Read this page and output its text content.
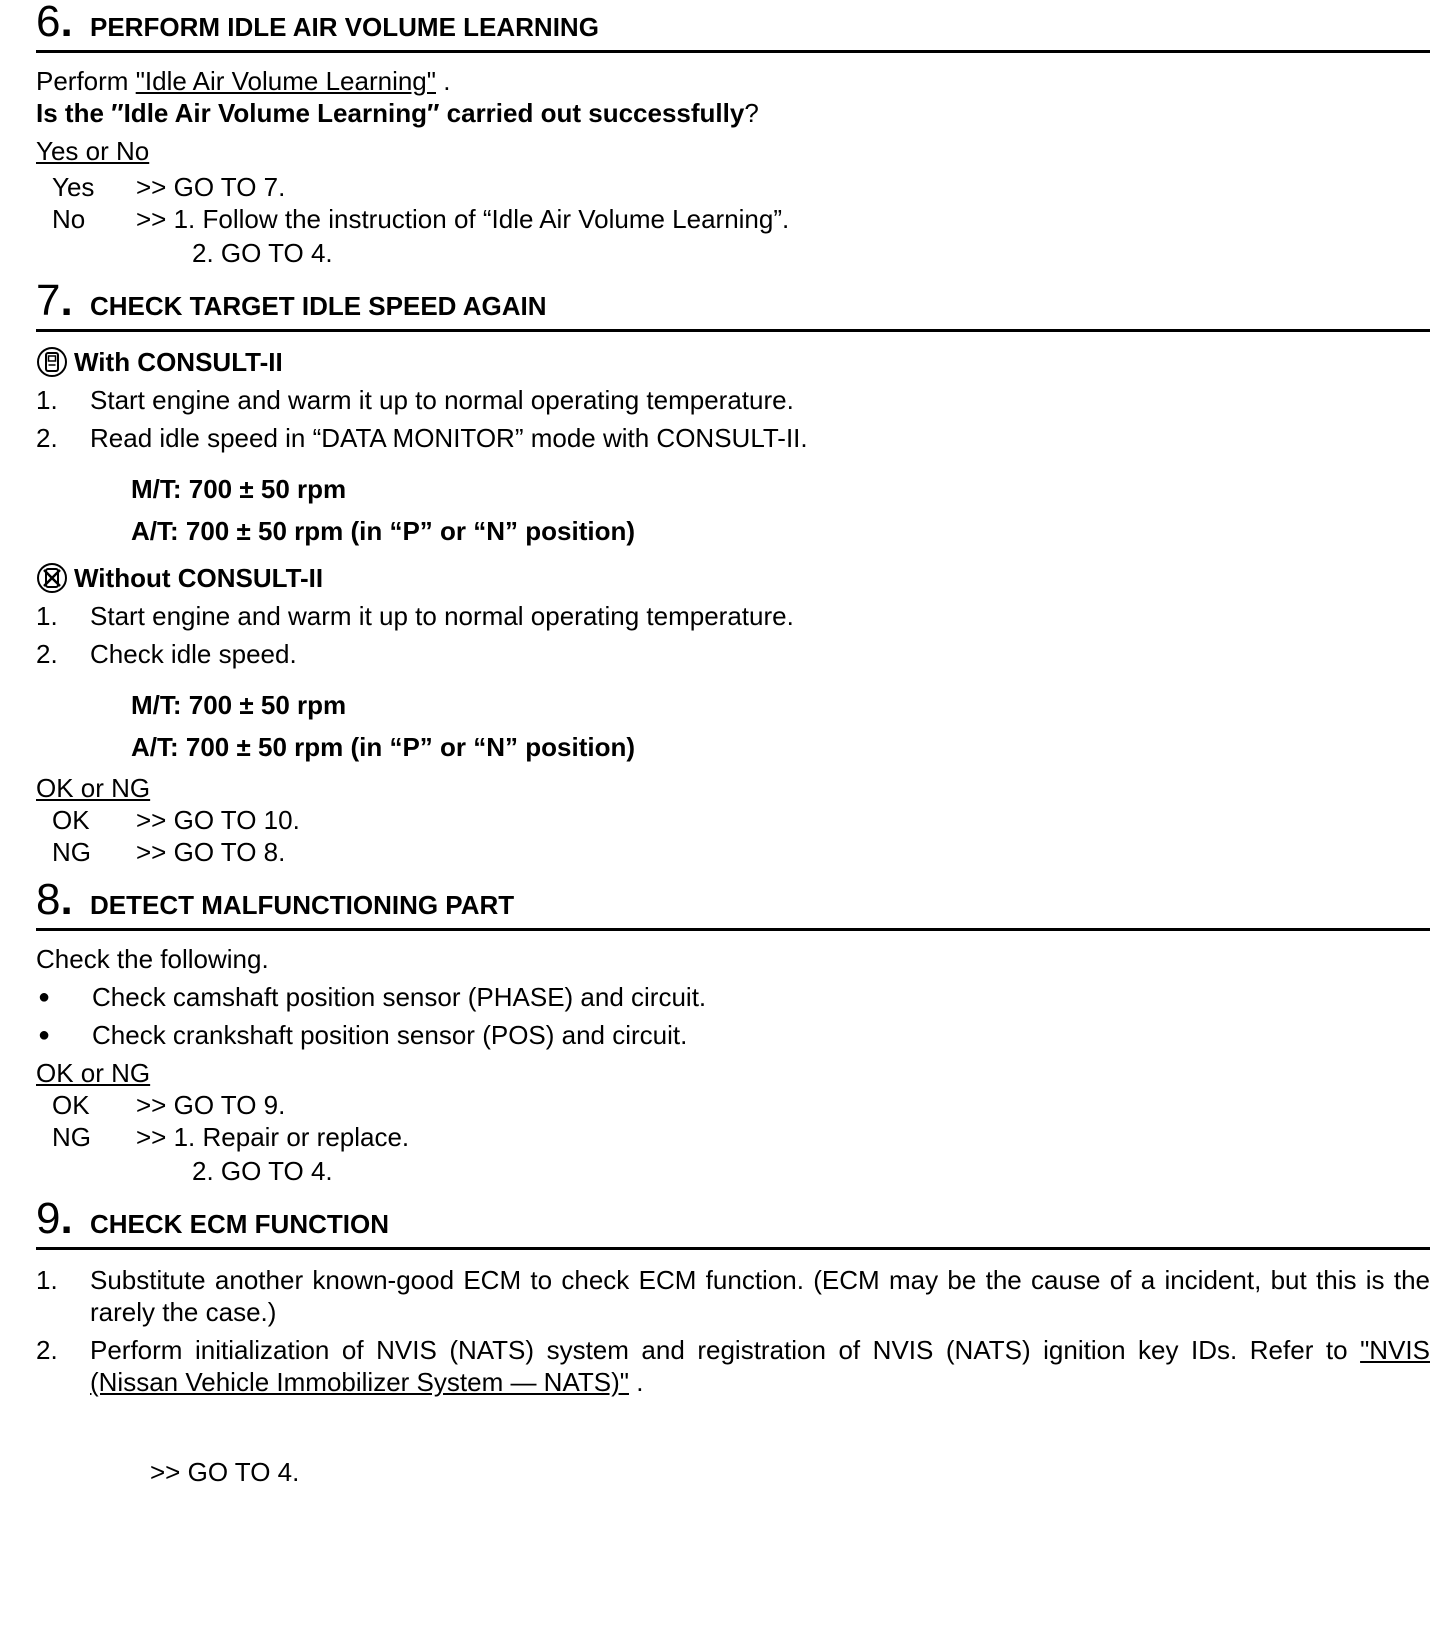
6. PERFORM IDLE AIR VOLUME LEARNING

Perform "Idle Air Volume Learning" .

Is the ″Idle Air Volume Learning″ carried out successfully?

Yes or No

Yes	>> GO TO 7.
No	>> 1. Follow the instruction of “Idle Air Volume Learning”.
2. GO TO 4.
7. CHECK TARGET IDLE SPEED AGAIN
With CONSULT-II
1.	Start engine and warm it up to normal operating temperature.
2.	Read idle speed in “DATA MONITOR” mode with CONSULT-II.
M/T: 700 ± 50 rpm
A/T: 700 ± 50 rpm (in “P” or “N” position)
Without CONSULT-II
1.	Start engine and warm it up to normal operating temperature.
2.	Check idle speed.
M/T: 700 ± 50 rpm
A/T: 700 ± 50 rpm (in “P” or “N” position)

OK or NG

OK	>> GO TO 10.
NG	>> GO TO 8.
8. DETECT MALFUNCTIONING PART

Check the following.

●	Check camshaft position sensor (PHASE) and circuit.
●	Check crankshaft position sensor (POS) and circuit.

OK or NG

OK	>> GO TO 9.
NG	>> 1. Repair or replace.
2. GO TO 4.
9. CHECK ECM FUNCTION
1.	Substitute another known-good ECM to check ECM function. (ECM may be the cause of a incident, but this is the rarely the case.)
2.	Perform initialization of NVIS (NATS) system and registration of NVIS (NATS) ignition key IDs. Refer to "NVIS (Nissan Vehicle Immobilizer System — NATS)" .
>> GO TO 4.
